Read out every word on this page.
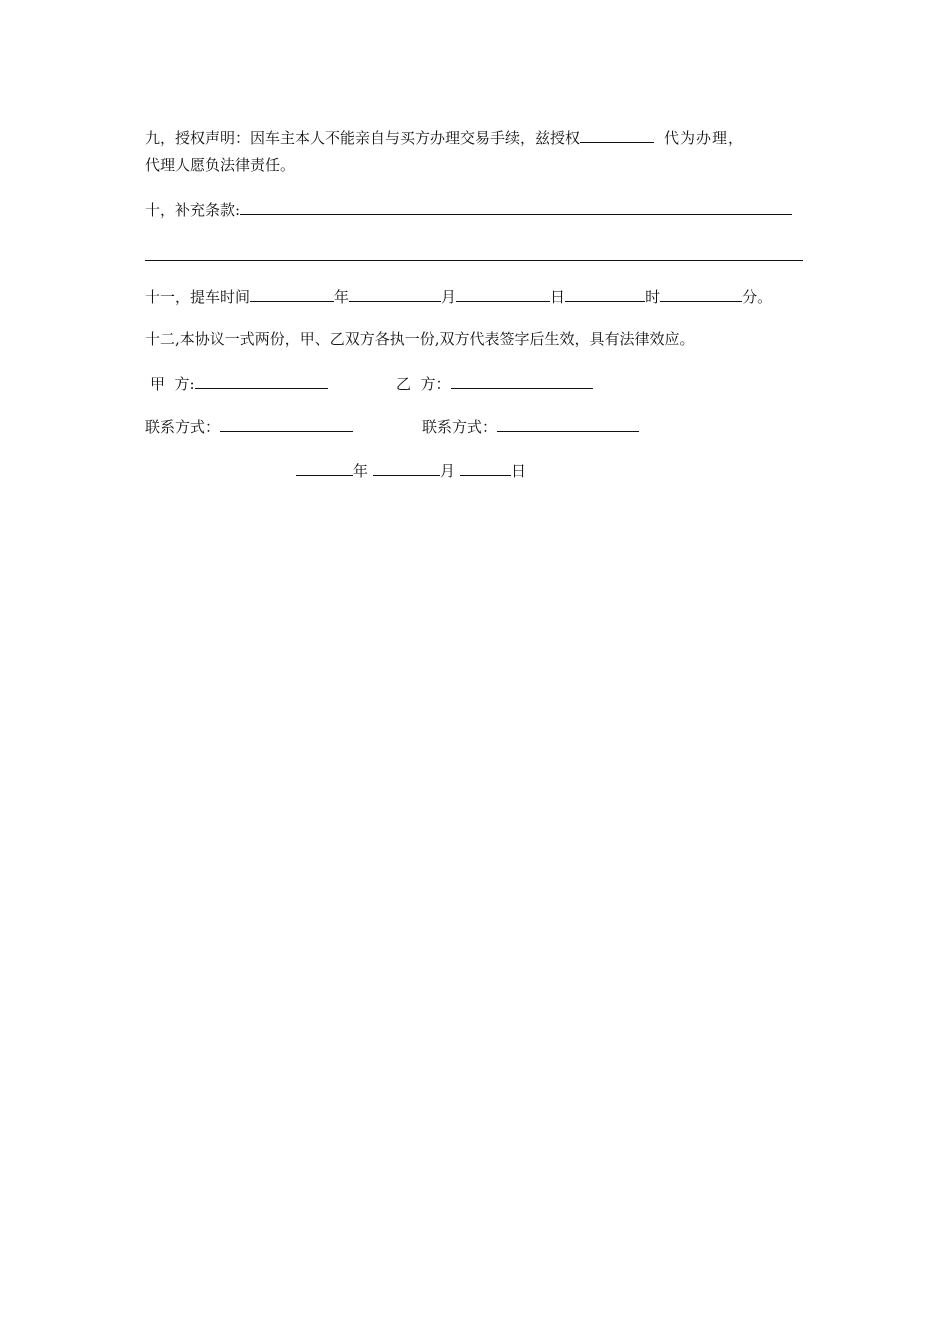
九，授权声明：因车主本人不能亲自与买方办理交易手续，兹授权	代为办理，
代理人愿负法律责任。
十，补充条款:
十一，提车时间	年	月	日	时	分。
十二,本协议一式两份，甲、乙双方各执一份,双方代表签字后生效，具有法律效应。
甲  方:	乙  方：
联系方式：	联系方式：
年	月	日
